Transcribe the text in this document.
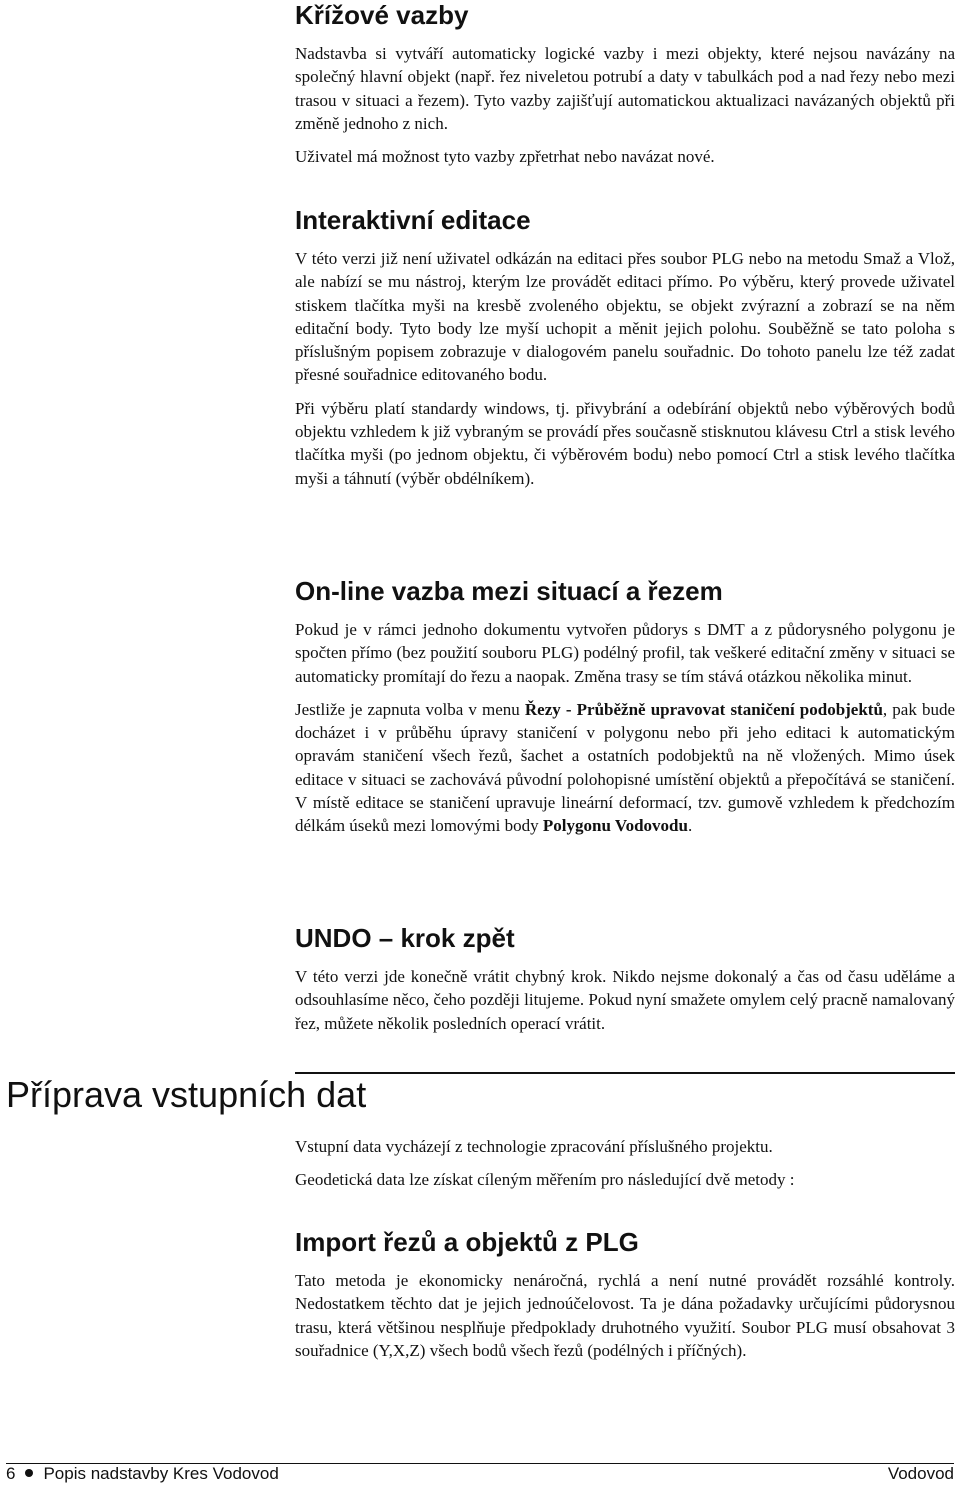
Křížové vazby

Nadstavba si vytváří automaticky logické vazby i mezi objekty, které nejsou navázány na společný hlavní objekt (např. řez niveletou potrubí a daty v tabulkách pod a nad řezy nebo mezi trasou v situaci a řezem). Tyto vazby zajišťují automatickou aktualizaci navázaných objektů při změně jednoho z nich.

Uživatel má možnost tyto vazby zpřetrhat nebo navázat nové.

Interaktivní editace

V této verzi již není uživatel odkázán na editaci přes soubor PLG nebo na metodu Smaž a Vlož, ale nabízí se mu nástroj, kterým lze provádět editaci přímo. Po výběru, který provede uživatel stiskem tlačítka myši na kresbě zvoleného objektu, se objekt zvýrazní a zobrazí se na něm editační body. Tyto body lze myší uchopit a měnit jejich polohu. Souběžně se tato poloha s příslušným popisem zobrazuje v dialogovém panelu souřadnic. Do tohoto panelu lze též zadat přesné souřadnice editovaného bodu.

Při výběru platí standardy windows, tj. přivybrání a odebírání objektů nebo výběrových bodů objektu vzhledem k již vybraným se provádí přes současně stisknutou klávesu Ctrl a stisk levého tlačítka myši (po jednom objektu, či výběrovém bodu) nebo pomocí Ctrl a stisk levého tlačítka myši a táhnutí (výběr obdélníkem).

On-line vazba mezi situací a řezem

Pokud je v rámci jednoho dokumentu vytvořen půdorys s DMT a z půdorysného polygonu je spočten přímo (bez použití souboru PLG) podélný profil, tak veškeré editační změny v situaci se automaticky promítají do řezu a naopak. Změna trasy se tím stává otázkou několika minut.

Jestliže je zapnuta volba v menu Řezy - Průběžně upravovat staničení podobjektů, pak bude docházet i v průběhu úpravy staničení v polygonu nebo při jeho editaci k automatickým opravám staničení všech řezů, šachet a ostatních podobjektů na ně vložených. Mimo úsek editace v situaci se zachovává původní polohopisné umístění objektů a přepočítává se staničení. V místě editace se staničení upravuje lineární deformací, tzv. gumově vzhledem k předchozím délkám úseků mezi lomovými body Polygonu Vodovodu.

UNDO – krok zpět

V této verzi jde konečně vrátit chybný krok. Nikdo nejsme dokonalý a čas od času uděláme a odsouhlasíme něco, čeho později litujeme. Pokud nyní smažete omylem celý pracně namalovaný řez, můžete několik posledních operací vrátit.

Příprava vstupních dat

Vstupní data vycházejí z technologie zpracování příslušného projektu.

Geodetická data lze získat cíleným měřením pro následující dvě metody :

Import řezů a objektů z PLG

Tato metoda je ekonomicky nenáročná, rychlá a není nutné provádět rozsáhlé kontroly. Nedostatkem těchto dat je jejich jednoúčelovost. Ta je dána požadavky určujícími půdorysnou trasu, která většinou nesplňuje předpoklady druhotného využití. Soubor PLG musí obsahovat 3 souřadnice (Y,X,Z) všech bodů všech řezů (podélných i příčných).

6 Popis nadstavby Kres Vodovod	Vodovod
